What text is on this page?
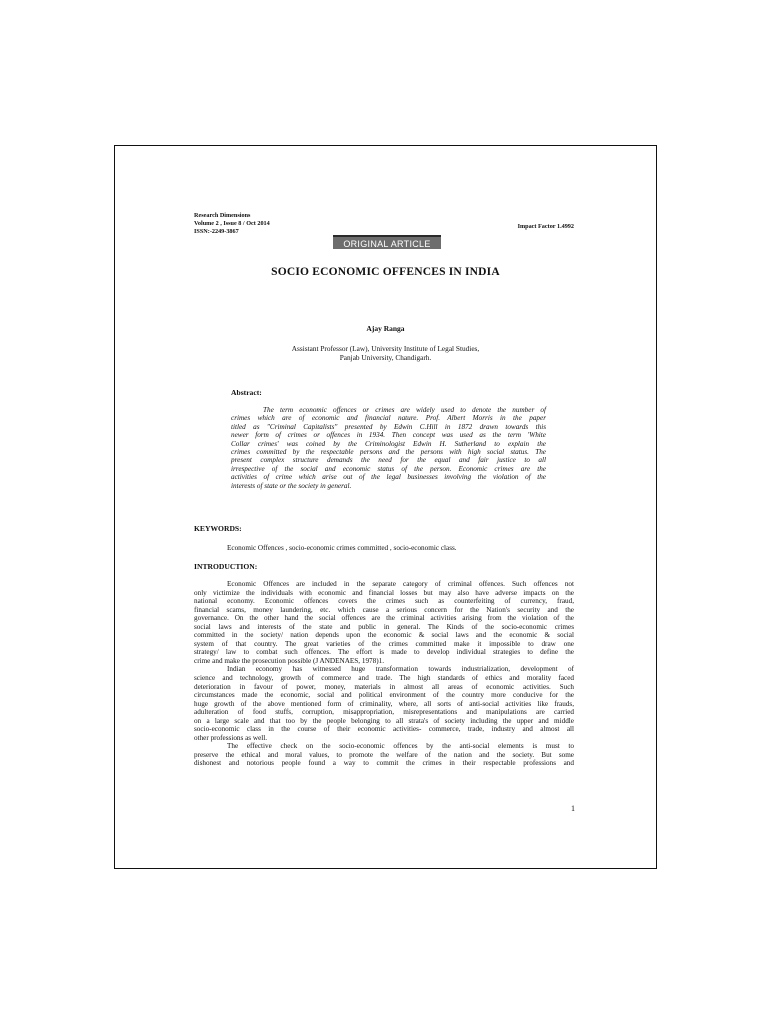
Research Dimensions
Volume 2 , Issue 8 / Oct 2014
ISSN:-2249-3867
Impact Factor 1.4992
ORIGINAL ARTICLE
SOCIO ECONOMIC OFFENCES IN INDIA
Ajay Ranga
Assistant Professor (Law), University Institute of Legal Studies,
Panjab University, Chandigarh.
Abstract:
The term economic offences or crimes are widely used to denote the number of
crimes which are of economic and financial nature. Prof. Albert Morris in the paper
titled as "Criminal Capitalists" presented by Edwin C.Hill in 1872 drawn towards this
newer form of crimes or offences in 1934. Then concept was used as the term 'White
Collar crimes' was coined by the Criminologist Edwin H. Sutherland to explain the
crimes committed by the respectable persons and the persons with high social status. The
present complex structure demands the need for the equal and fair justice to all
irrespective of the social and economic status of the person. Economic crimes are the
activities of crime which arise out of the legal businesses involving the violation of the
interests of state or the society in general.
KEYWORDS:
Economic Offences , socio-economic crimes committed , socio-economic class.
INTRODUCTION:
Economic Offences are included in the separate category of criminal offences. Such offences not
only victimize the individuals with economic and financial losses but may also have adverse impacts on the
national economy. Economic offences covers the crimes such as counterfeiting of currency, fraud,
financial scams, money laundering, etc. which cause a serious concern for the Nation's security and the
governance. On the other hand the social offences are the criminal activities arising from the violation of the
social laws and interests of the state and public in general. The Kinds of the socio-economic crimes
committed in the society/ nation depends upon the economic & social laws and the economic & social
system of that country. The great varieties of the crimes committed make it impossible to draw one
strategy/ law to combat such offences. The effort is made to develop individual strategies to define the
crime and make the prosecution possible (J ANDENAES, 1978)1.
Indian economy has witnessed huge transformation towards industrialization, development of
science and technology, growth of commerce and trade. The high standards of ethics and morality faced
deterioration in favour of power, money, materials in almost all areas of economic activities. Such
circumstances made the economic, social and political environment of the country more conducive for the
huge growth of the above mentioned form of criminality, where, all sorts of anti-social activities like frauds,
adulteration of food stuffs, corruption, misappropriation, misrepresentations and manipulations are carried
on a large scale and that too by the people belonging to all strata's of society including the upper and middle
socio-economic class in the course of their economic activities- commerce, trade, industry and almost all
other professions as well.
The effective check on the socio-economic offences by the anti-social elements is must to
preserve the ethical and moral values, to promote the welfare of the nation and the society. But some
dishonest and notorious people found a way to commit the crimes in their respectable professions and
1
